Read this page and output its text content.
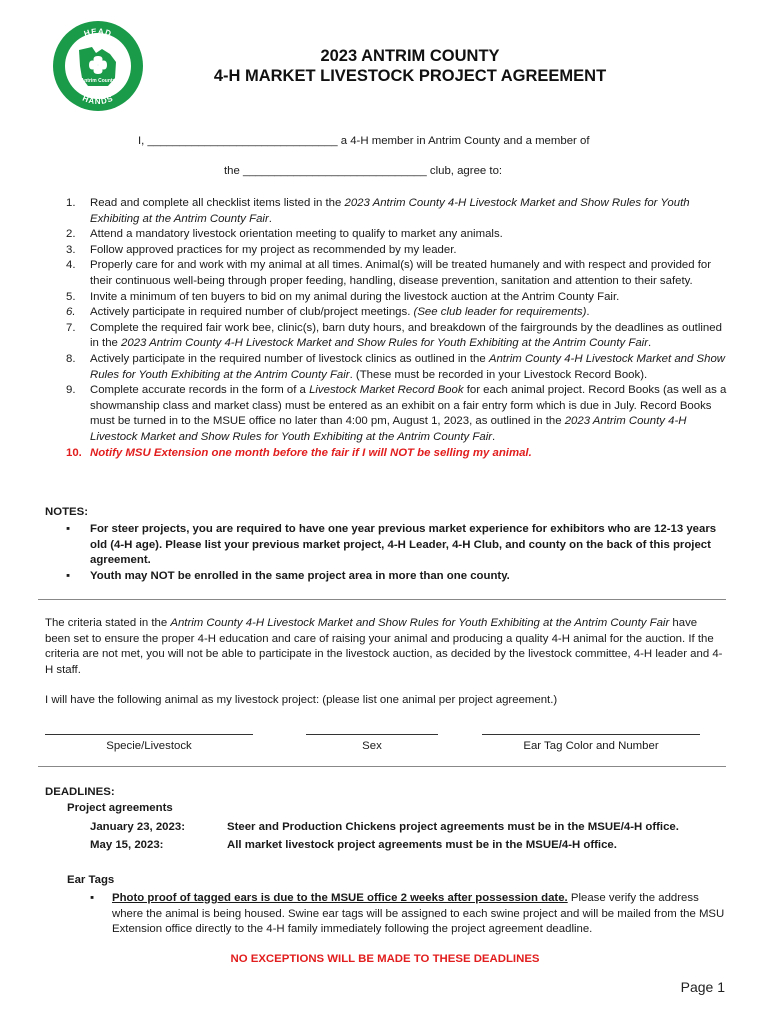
HEAD
HANDS
Antrim County
2023 ANTRIM COUNTY
4-H MARKET LIVESTOCK PROJECT AGREEMENT
I, ______________________________ a 4-H member in Antrim County and a member of
the _____________________________ club, agree to:
1. Read and complete all checklist items listed in the 2023 Antrim County 4-H Livestock Market and Show Rules for Youth Exhibiting at the Antrim County Fair.
2. Attend a mandatory livestock orientation meeting to qualify to market any animals.
3. Follow approved practices for my project as recommended by my leader.
4. Properly care for and work with my animal at all times. Animal(s) will be treated humanely and with respect and provided for their continuous well-being through proper feeding, handling, disease prevention, sanitation and attention to their safety.
5. Invite a minimum of ten buyers to bid on my animal during the livestock auction at the Antrim County Fair.
6. Actively participate in required number of club/project meetings. (See club leader for requirements).
7. Complete the required fair work bee, clinic(s), barn duty hours, and breakdown of the fairgrounds by the deadlines as outlined in the 2023 Antrim County 4-H Livestock Market and Show Rules for Youth Exhibiting at the Antrim County Fair.
8. Actively participate in the required number of livestock clinics as outlined in the Antrim County 4-H Livestock Market and Show Rules for Youth Exhibiting at the Antrim County Fair. (These must be recorded in your Livestock Record Book).
9. Complete accurate records in the form of a Livestock Market Record Book for each animal project. Record Books (as well as a showmanship class and market class) must be entered as an exhibit on a fair entry form which is due in July. Record Books must be turned in to the MSUE office no later than 4:00 pm, August 1, 2023, as outlined in the 2023 Antrim County 4-H Livestock Market and Show Rules for Youth Exhibiting at the Antrim County Fair.
10. Notify MSU Extension one month before the fair if I will NOT be selling my animal.
NOTES:
▪ For steer projects, you are required to have one year previous market experience for exhibitors who are 12-13 years old (4-H age). Please list your previous market project, 4-H Leader, 4-H Club, and county on the back of this project agreement.
▪ Youth may NOT be enrolled in the same project area in more than one county.
The criteria stated in the Antrim County 4-H Livestock Market and Show Rules for Youth Exhibiting at the Antrim County Fair have been set to ensure the proper 4-H education and care of raising your animal and producing a quality 4-H animal for the auction. If the criteria are not met, you will not be able to participate in the livestock auction, as decided by the livestock committee, 4-H leader and 4-H staff.
I will have the following animal as my livestock project: (please list one animal per project agreement.)
Specie/Livestock	Sex	Ear Tag Color and Number
DEADLINES:
Project agreements
January 23, 2023:	Steer and Production Chickens project agreements must be in the MSUE/4-H office.
May 15, 2023:	All market livestock project agreements must be in the MSUE/4-H office.
Ear Tags
▪ Photo proof of tagged ears is due to the MSUE office 2 weeks after possession date. Please verify the address where the animal is being housed. Swine ear tags will be assigned to each swine project and will be mailed from the MSU Extension office directly to the 4-H family immediately following the project agreement deadline.
NO EXCEPTIONS WILL BE MADE TO THESE DEADLINES
Page 1
